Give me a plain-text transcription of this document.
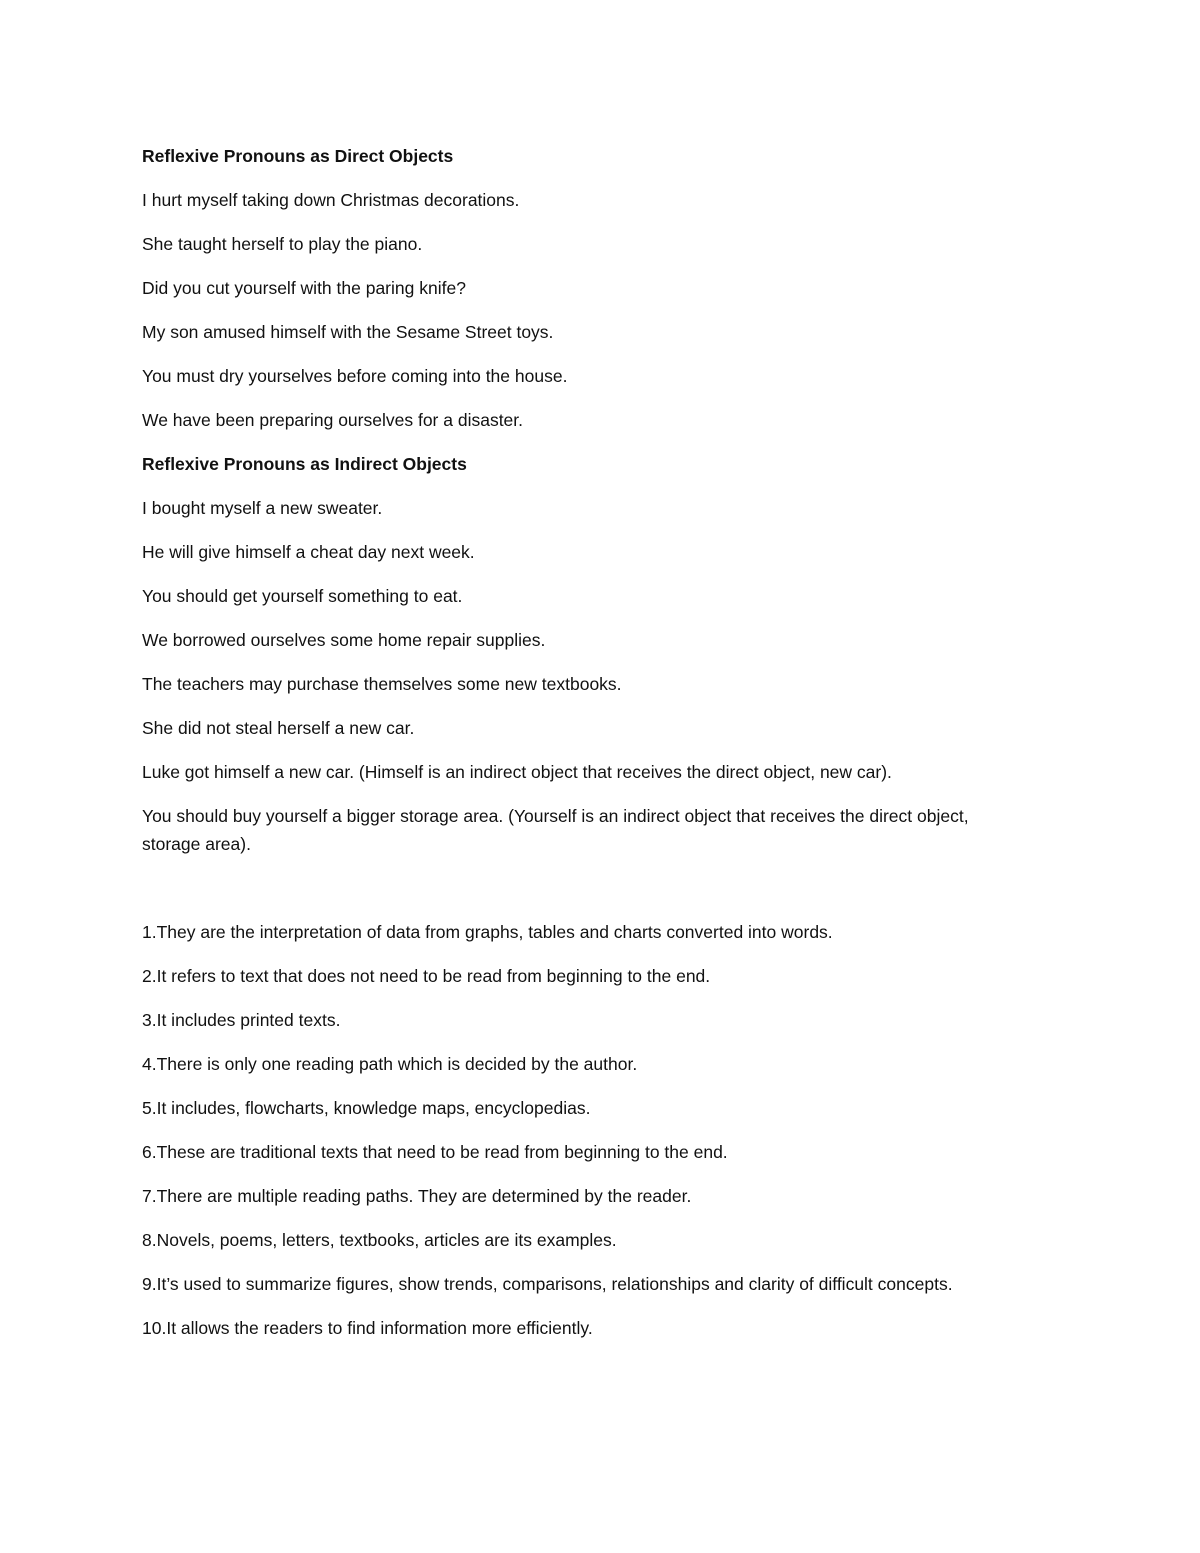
Reflexive Pronouns as Direct Objects
I hurt myself taking down Christmas decorations.
She taught herself to play the piano.
Did you cut yourself with the paring knife?
My son amused himself with the Sesame Street toys.
You must dry yourselves before coming into the house.
We have been preparing ourselves for a disaster.
Reflexive Pronouns as Indirect Objects
I bought myself a new sweater.
He will give himself a cheat day next week.
You should get yourself something to eat.
We borrowed ourselves some home repair supplies.
The teachers may purchase themselves some new textbooks.
She did not steal herself a new car.
Luke got himself a new car. (Himself is an indirect object that receives the direct object, new car).
You should buy yourself a bigger storage area. (Yourself is an indirect object that receives the direct object, storage area).
1.They are the interpretation of data from graphs, tables and charts converted into words.
2.It refers to text that does not need to be read from beginning to the end.
3.It includes printed texts.
4.There is only one reading path which is decided by the author.
5.It includes, flowcharts, knowledge maps, encyclopedias.
6.These are traditional texts that need to be read from beginning to the end.
7.There are multiple reading paths. They are determined by the reader.
8.Novels, poems, letters, textbooks, articles are its examples.
9.It’s used to summarize figures, show trends, comparisons, relationships and clarity of difficult concepts.
10.It allows the readers to find information more efficiently.
